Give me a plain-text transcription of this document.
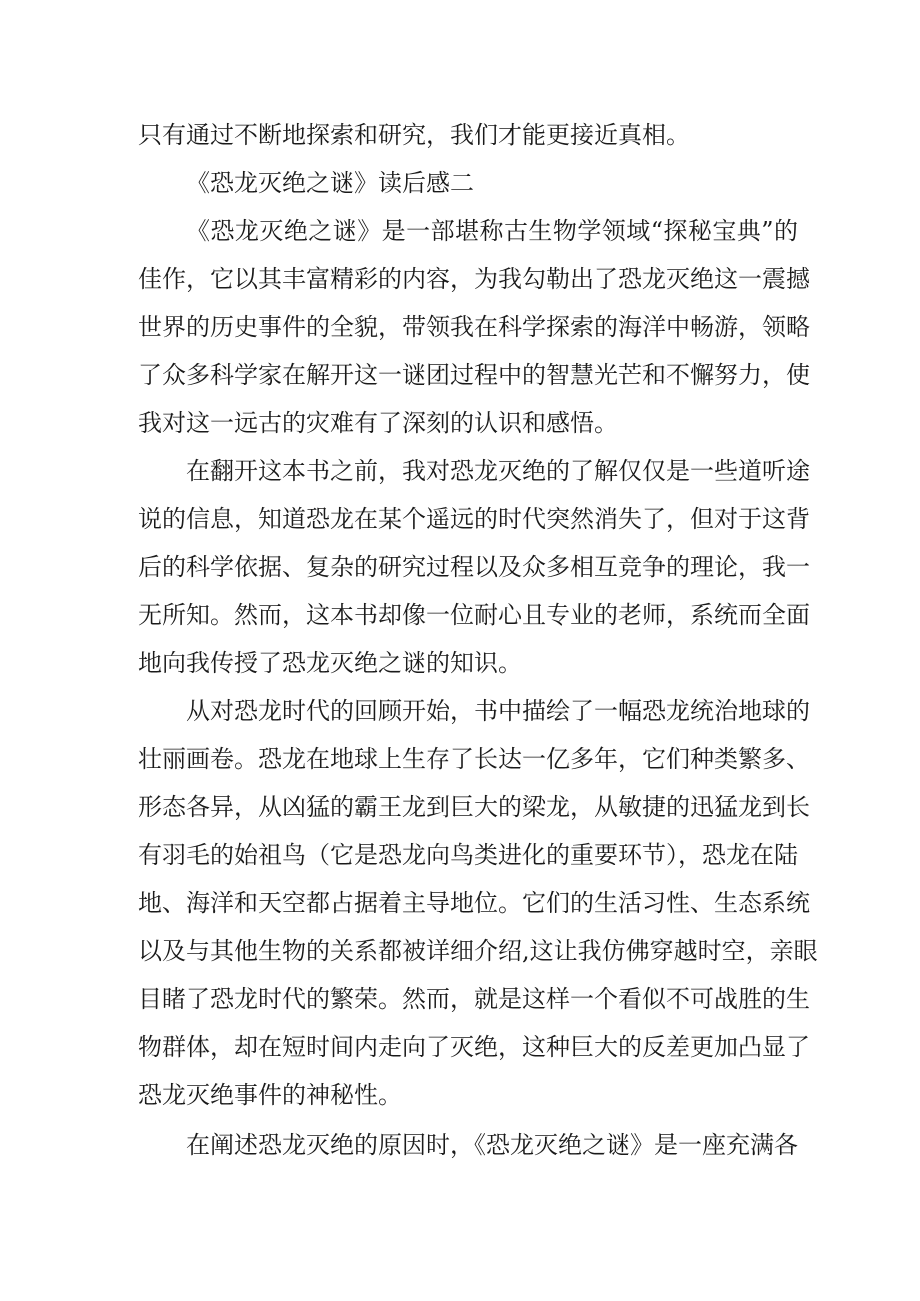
只有通过不断地探索和研究，我们才能更接近真相。
《恐龙灭绝之谜》读后感二
《恐龙灭绝之谜》是一部堪称古生物学领域“探秘宝典”的
佳作，它以其丰富精彩的内容，为我勾勒出了恐龙灭绝这一震撼
世界的历史事件的全貌，带领我在科学探索的海洋中畅游，领略
了众多科学家在解开这一谜团过程中的智慧光芒和不懈努力，使
我对这一远古的灾难有了深刻的认识和感悟。
在翻开这本书之前，我对恐龙灭绝的了解仅仅是一些道听途
说的信息，知道恐龙在某个遥远的时代突然消失了，但对于这背
后的科学依据、复杂的研究过程以及众多相互竞争的理论，我一
无所知。然而，这本书却像一位耐心且专业的老师，系统而全面
地向我传授了恐龙灭绝之谜的知识。
从对恐龙时代的回顾开始，书中描绘了一幅恐龙统治地球的
壮丽画卷。恐龙在地球上生存了长达一亿多年，它们种类繁多、
形态各异，从凶猛的霸王龙到巨大的梁龙，从敏捷的迅猛龙到长
有羽毛的始祖鸟（它是恐龙向鸟类进化的重要环节），恐龙在陆
地、海洋和天空都占据着主导地位。它们的生活习性、生态系统
以及与其他生物的关系都被详细介绍,这让我仿佛穿越时空，亲眼
目睹了恐龙时代的繁荣。然而，就是这样一个看似不可战胜的生
物群体，却在短时间内走向了灭绝，这种巨大的反差更加凸显了
恐龙灭绝事件的神秘性。
在阐述恐龙灭绝的原因时，《恐龙灭绝之谜》是一座充满各
